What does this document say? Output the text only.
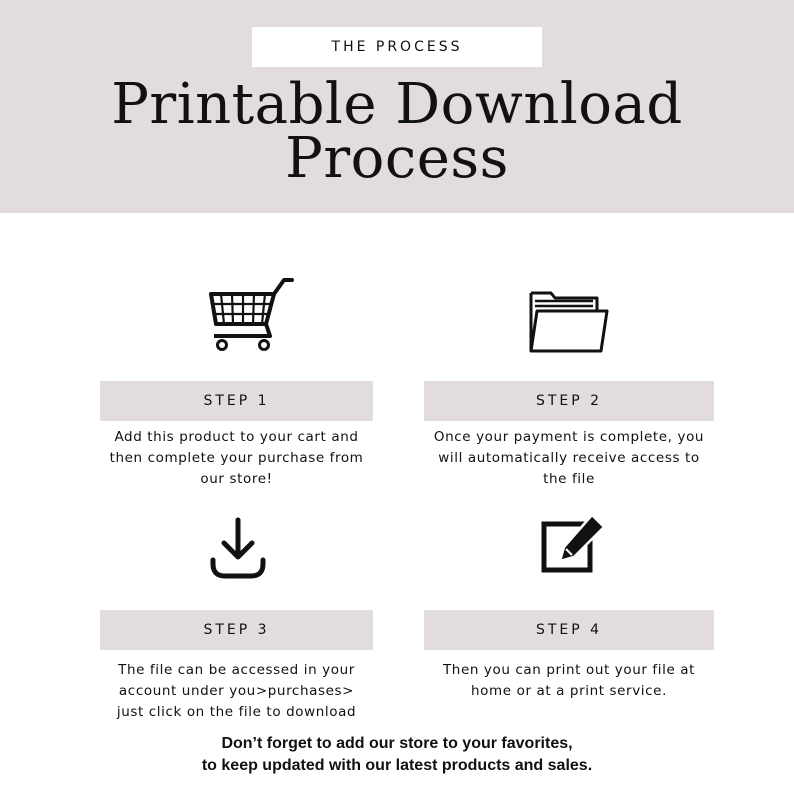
THE PROCESS
Printable Download
Process
STEP 1	STEP 2
Add this product to your cart and
then complete your purchase from
our store!
Once your payment is complete, you
will automatically receive access to
the file
STEP 3	STEP 4
The file can be accessed in your
account under you>purchases>
just click on the file to download
Then you can print out your file at
home or at a print service.
Don’t forget to add our store to your favorites,
to keep updated with our latest products and sales.
